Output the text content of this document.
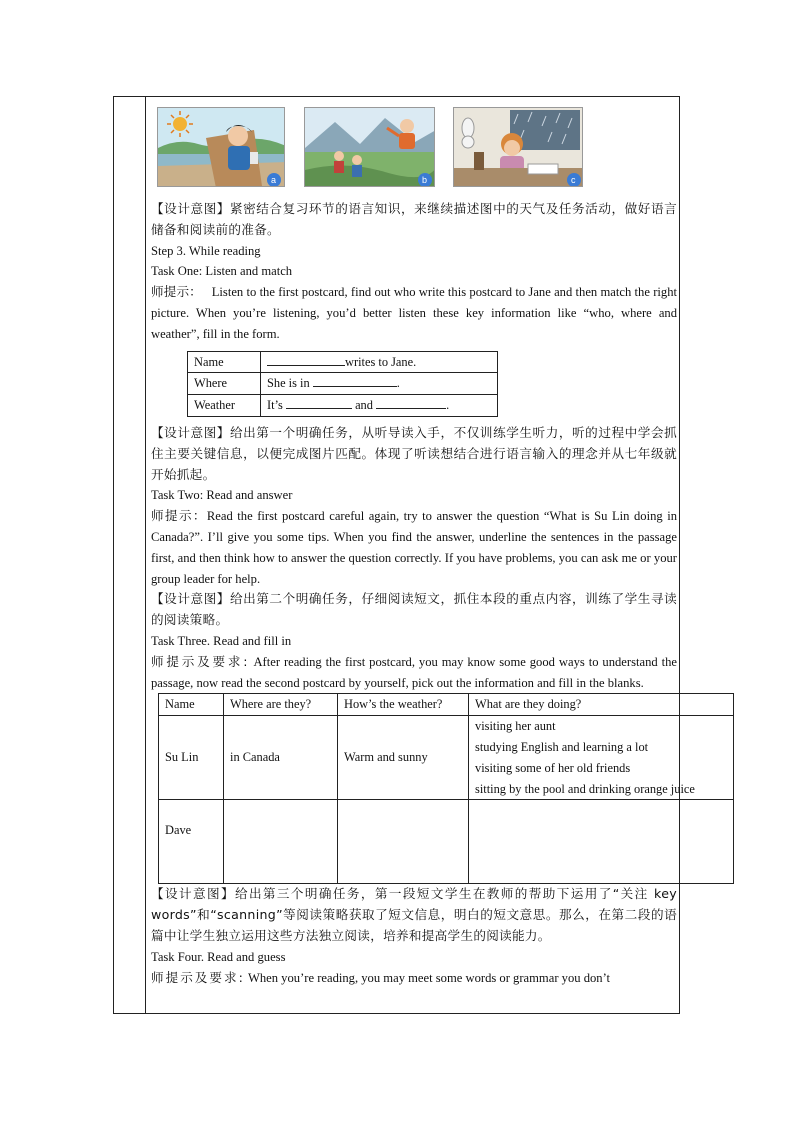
a	b	c

【设计意图】紧密结合复习环节的语言知识，来继续描述图中的天气及任务活动，做好语言储备和阅读前的准备。

Step 3. While reading
Task One: Listen and match

师提示： Listen to the first postcard, find out who write this postcard to Jane and then match the right picture. When you’re listening, you’d better listen these key information like “who, where and weather”, fill in the form.

Name	writes to Jane.
Where	She is in .
Weather	It’s and .

【设计意图】给出第一个明确任务，从听导读入手，不仅训练学生听力，听的过程中学会抓住主要关键信息，以便完成图片匹配。体现了听读想结合进行语言输入的理念并从七年级就开始抓起。

Task Two: Read and answer

师提示：Read the first postcard careful again, try to answer the question “What is Su Lin doing in Canada?”. I’ll give you some tips. When you find the answer, underline the sentences in the passage first, and then think how to answer the question correctly. If you have problems, you can ask me or your group leader for help.

【设计意图】给出第二个明确任务，仔细阅读短文，抓住本段的重点内容，训练了学生寻读的阅读策略。

Task Three. Read and fill in

师提示及要求: After reading the first postcard, you may know some good ways to understand the passage, now read the second postcard by yourself, pick out the information and fill in the blanks.

Name	Where are they?	How’s the weather?	What are they doing?
Su Lin	in Canada	Warm and sunny	visiting her aunt
studying English and learning a lot
visiting some of her old friends
sitting by the pool and drinking orange juice

Dave			

【设计意图】给出第三个明确任务，第一段短文学生在教师的帮助下运用了“关注 key words”和“scanning”等阅读策略获取了短文信息，明白的短文意思。那么，在第二段的语篇中让学生独立运用这些方法独立阅读，培养和提高学生的阅读能力。

Task Four. Read and guess
师提示及要求: When you’re reading, you may meet some words or grammar you don’t
